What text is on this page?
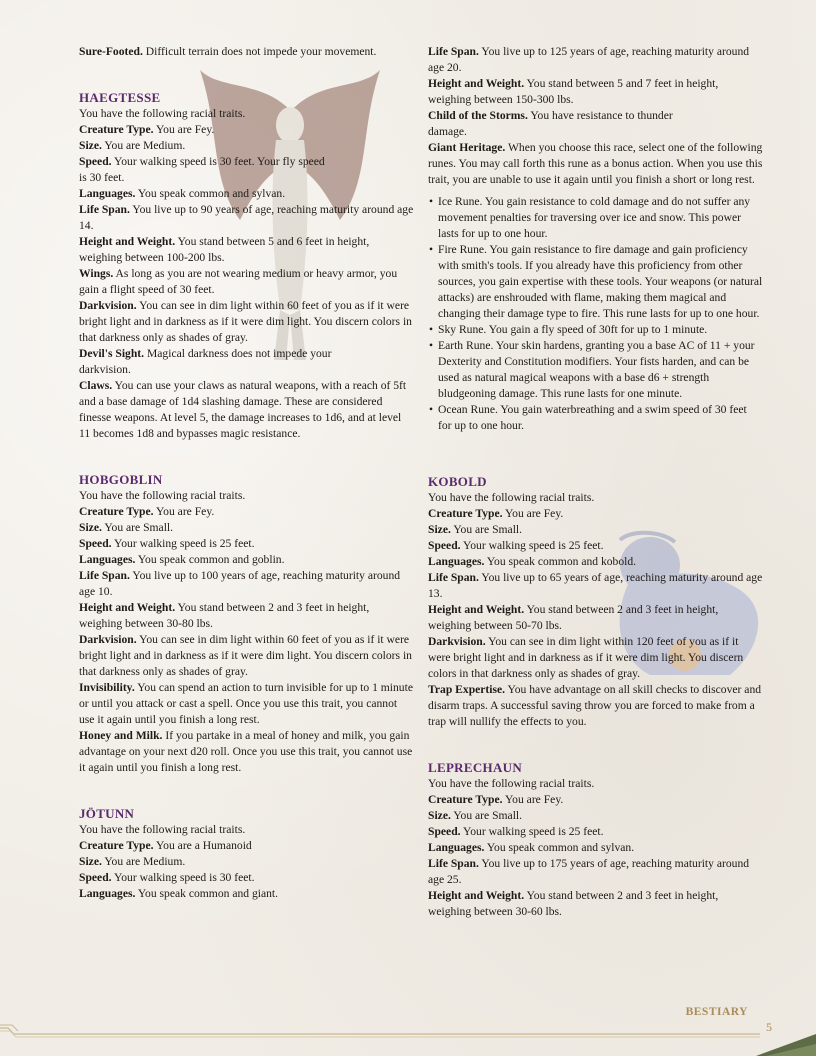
Sure-Footed. Difficult terrain does not impede your movement.

HAEGTESSE

You have the following racial traits.

Creature Type. You are Fey.

Size. You are Medium.

Speed. Your walking speed is 30 feet. Your fly speed is 30 feet.

Languages. You speak common and sylvan.

Life Span. You live up to 90 years of age, reaching maturity around age 14.

Height and Weight. You stand between 5 and 6 feet in height, weighing between 100-200 lbs.

Wings. As long as you are not wearing medium or heavy armor, you gain a flight speed of 30 feet.

Darkvision. You can see in dim light within 60 feet of you as if it were bright light and in darkness as if it were dim light. You discern colors in that darkness only as shades of gray.

Devil's Sight. Magical darkness does not impede your darkvision.

Claws. You can use your claws as natural weapons, with a reach of 5ft and a base damage of 1d4 slashing damage. These are considered finesse weapons. At level 5, the damage increases to 1d6, and at level 11 becomes 1d8 and bypasses magic resistance.

HOBGOBLIN

You have the following racial traits.

Creature Type. You are Fey.

Size. You are Small.

Speed. Your walking speed is 25 feet.

Languages. You speak common and goblin.

Life Span. You live up to 100 years of age, reaching maturity around age 10.

Height and Weight. You stand between 2 and 3 feet in height, weighing between 30-80 lbs.

Darkvision. You can see in dim light within 60 feet of you as if it were bright light and in darkness as if it were dim light. You discern colors in that darkness only as shades of gray.

Invisibility. You can spend an action to turn invisible for up to 1 minute or until you attack or cast a spell. Once you use this trait, you cannot use it again until you finish a long rest.

Honey and Milk. If you partake in a meal of honey and milk, you gain advantage on your next d20 roll. Once you use this trait, you cannot use it again until you finish a long rest.

JÖTUNN

You have the following racial traits.

Creature Type. You are a Humanoid

Size. You are Medium.

Speed. Your walking speed is 30 feet.

Languages. You speak common and giant.

Life Span. You live up to 125 years of age, reaching maturity around age 20.

Height and Weight. You stand between 5 and 7 feet in height, weighing between 150-300 lbs.

Child of the Storms. You have resistance to thunder damage.

Giant Heritage. When you choose this race, select one of the following runes. You may call forth this rune as a bonus action. When you use this trait, you are unable to use it again until you finish a short or long rest.

• Ice Rune. You gain resistance to cold damage and do not suffer any movement penalties for traversing over ice and snow. This power lasts for up to one hour.
• Fire Rune. You gain resistance to fire damage and gain proficiency with smith's tools. If you already have this proficiency from other sources, you gain expertise with these tools. Your weapons (or natural attacks) are enshrouded with flame, making them magical and changing their damage type to fire. This rune lasts for up to one hour.
• Sky Rune. You gain a fly speed of 30ft for up to 1 minute.
• Earth Rune. Your skin hardens, granting you a base AC of 11 + your Dexterity and Constitution modifiers. Your fists harden, and can be used as natural magical weapons with a base d6 + strength bludgeoning damage. This rune lasts for one minute.
• Ocean Rune. You gain waterbreathing and a swim speed of 30 feet for up to one hour.
KOBOLD

You have the following racial traits.

Creature Type. You are Fey.

Size. You are Small.

Speed. Your walking speed is 25 feet.

Languages. You speak common and kobold.

Life Span. You live up to 65 years of age, reaching maturity around age 13.

Height and Weight. You stand between 2 and 3 feet in height, weighing between 50-70 lbs.

Darkvision. You can see in dim light within 120 feet of you as if it were bright light and in darkness as if it were dim light. You discern colors in that darkness only as shades of gray.

Trap Expertise. You have advantage on all skill checks to discover and disarm traps. A successful saving throw you are forced to make from a trap will nullify the effects to you.

LEPRECHAUN

You have the following racial traits.

Creature Type. You are Fey.

Size. You are Small.

Speed. Your walking speed is 25 feet.

Languages. You speak common and sylvan.

Life Span. You live up to 175 years of age, reaching maturity around age 25.

Height and Weight. You stand between 2 and 3 feet in height, weighing between 30-60 lbs.

BESTIARY
5
